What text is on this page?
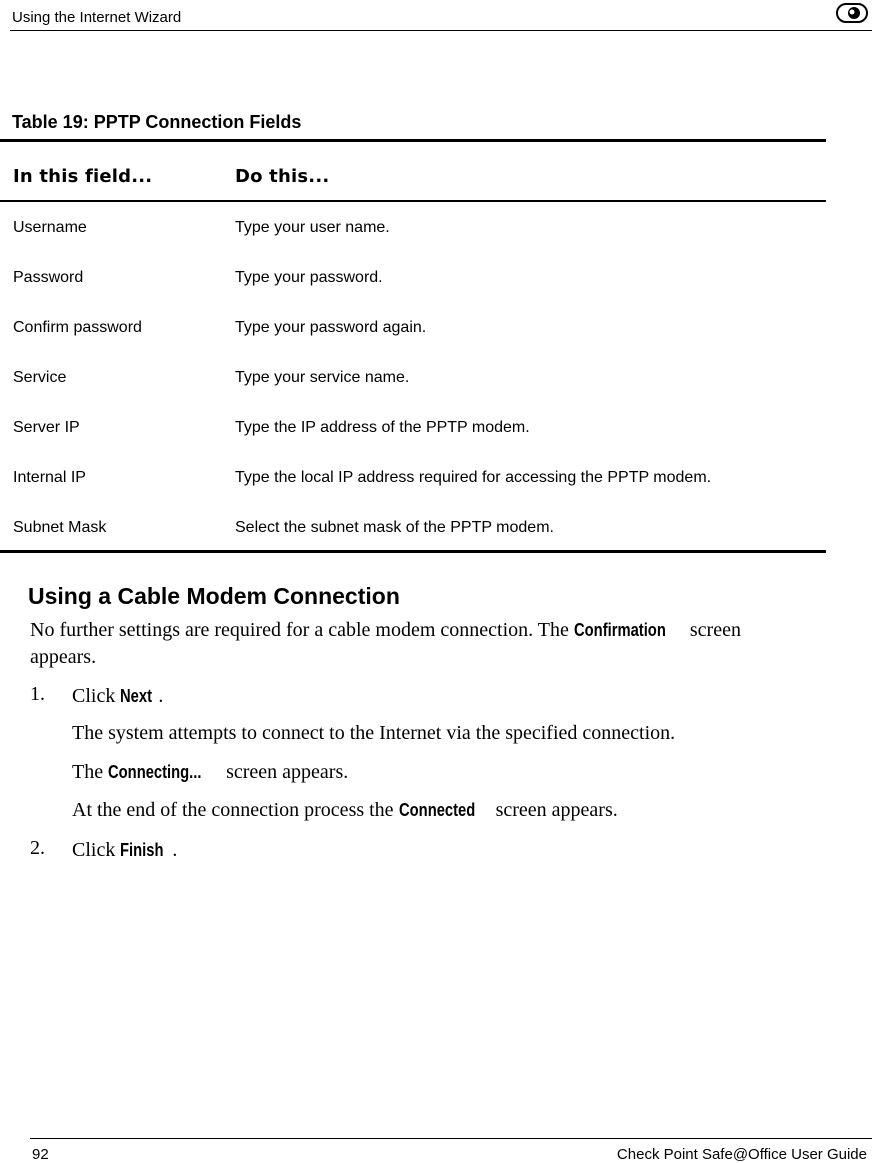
Using the Internet Wizard
Table 19: PPTP Connection Fields
In this field...	Do this...
Username	Type your user name.
Password	Type your password.
Confirm password	Type your password again.
Service	Type your service name.
Server IP	Type the IP address of the PPTP modem.
Internal IP	Type the local IP address required for accessing the PPTP modem.
Subnet Mask	Select the subnet mask of the PPTP modem.
Using a Cable Modem Connection
No further settings are required for a cable modem connection. The Confirmation screen
appears.
1. Click Next .
The system attempts to connect to the Internet via the specified connection.
The Connecting... screen appears.
At the end of the connection process the Connected screen appears.
2. Click Finish .
92	Check Point Safe@Office User Guide
